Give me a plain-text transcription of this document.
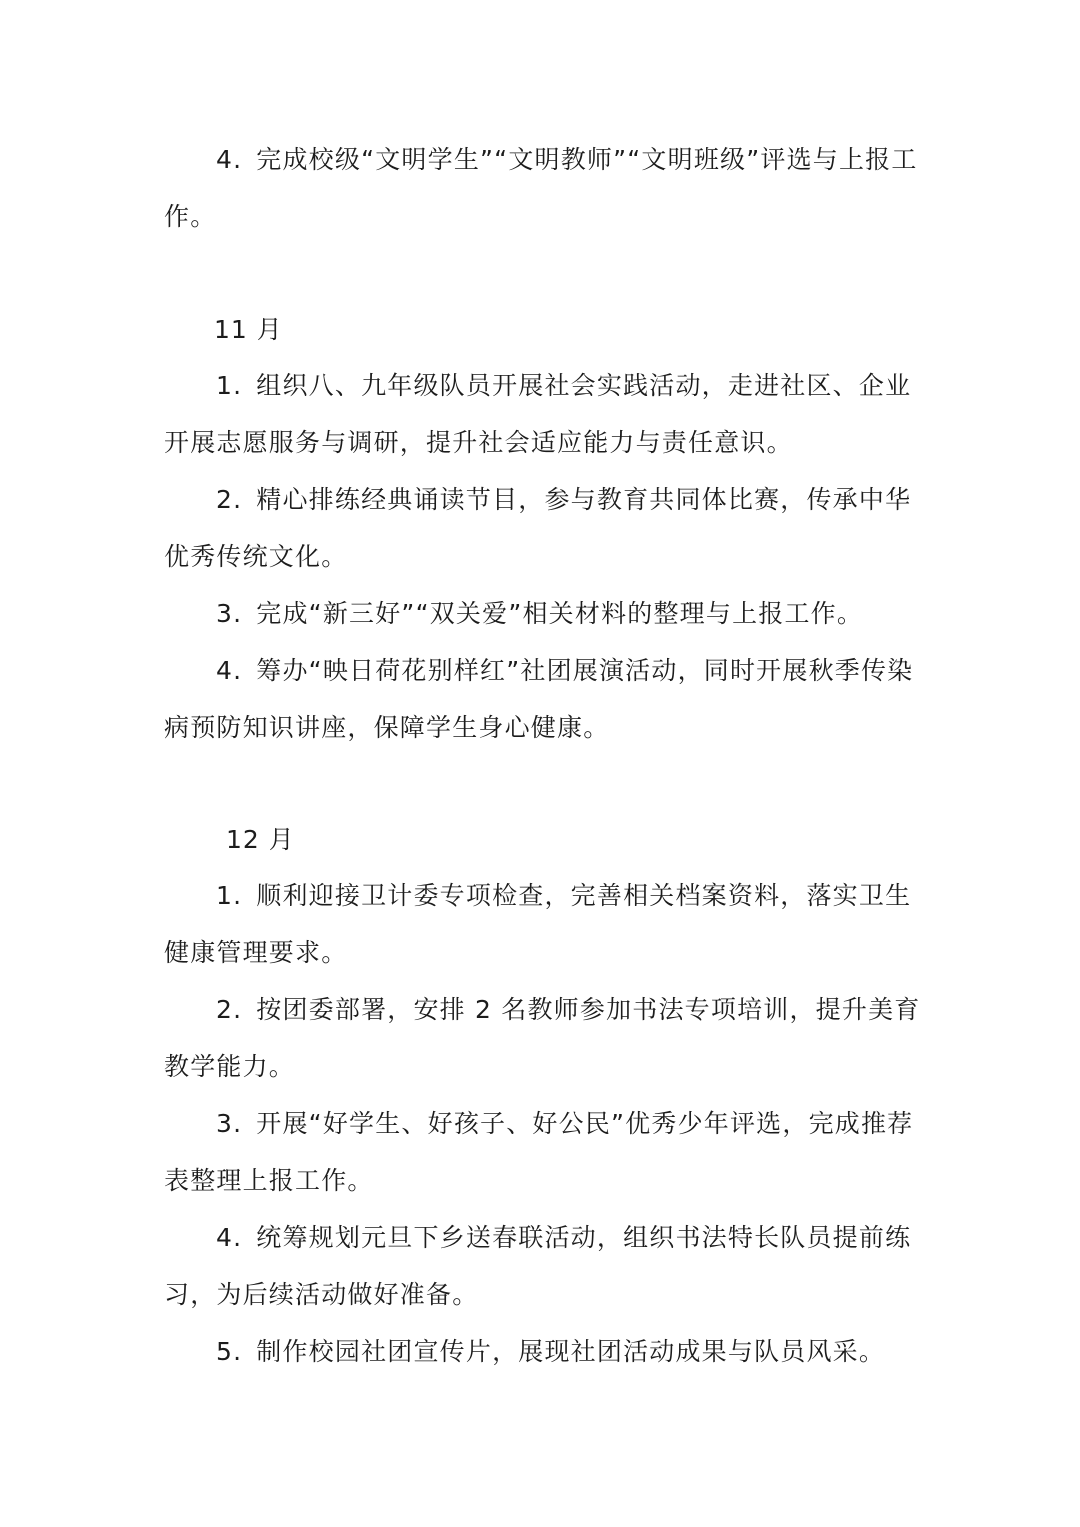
4. 完成校级“文明学生”“文明教师”“文明班级”评选与上报工作。

11 月

1. 组织八、九年级队员开展社会实践活动，走进社区、企业开展志愿服务与调研，提升社会适应能力与责任意识。

2. 精心排练经典诵读节目，参与教育共同体比赛，传承中华优秀传统文化。

3. 完成“新三好”“双关爱”相关材料的整理与上报工作。

4. 筹办“映日荷花别样红”社团展演活动，同时开展秋季传染病预防知识讲座，保障学生身心健康。

12 月

1. 顺利迎接卫计委专项检查，完善相关档案资料，落实卫生健康管理要求。

2. 按团委部署，安排 2 名教师参加书法专项培训，提升美育教学能力。

3. 开展“好学生、好孩子、好公民”优秀少年评选，完成推荐表整理上报工作。

4. 统筹规划元旦下乡送春联活动，组织书法特长队员提前练习，为后续活动做好准备。

5. 制作校园社团宣传片，展现社团活动成果与队员风采。
